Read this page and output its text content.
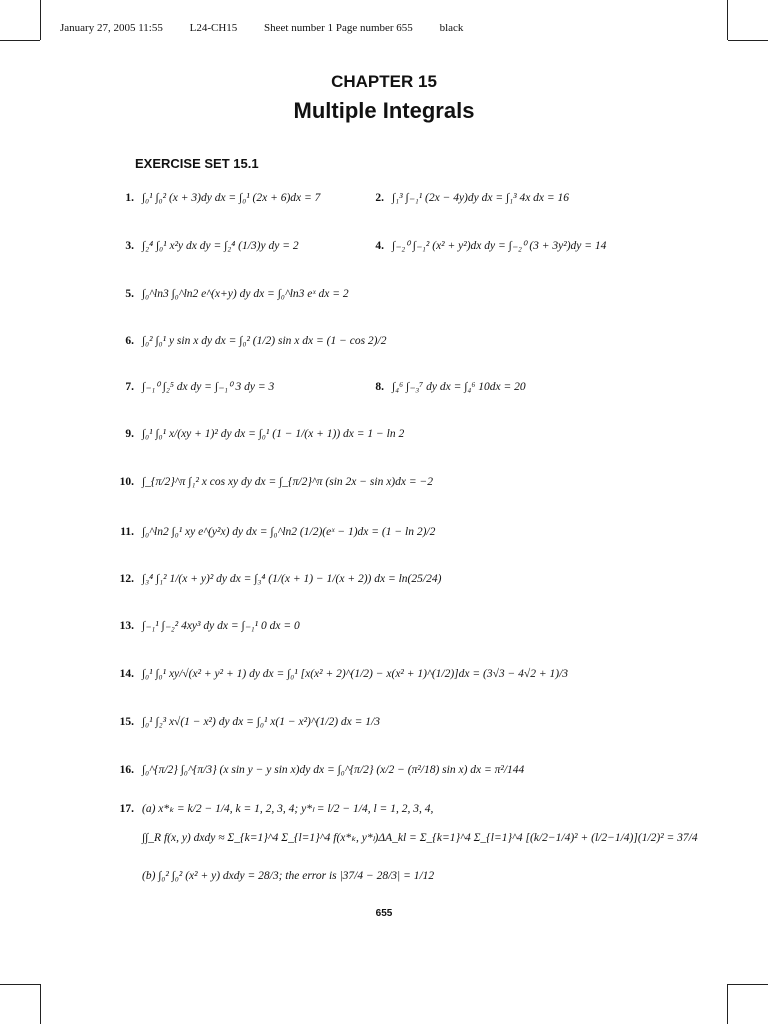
January 27, 2005 11:55 L24-CH15 Sheet number 1 Page number 655 black
CHAPTER 15
Multiple Integrals
EXERCISE SET 15.1
1. ∫₀¹ ∫₀² (x + 3)dy dx = ∫₀¹ (2x + 6)dx = 7	2. ∫₁³ ∫₋₁¹ (2x − 4y)dy dx = ∫₁³ 4x dx = 16
3. ∫₂⁴ ∫₀¹ x²y dx dy = ∫₂⁴ (1/3)y dy = 2	4. ∫₋₂⁰ ∫₋₁² (x² + y²)dx dy = ∫₋₂⁰ (3 + 3y²)dy = 14
5. ∫₀^ln3 ∫₀^ln2 e^(x+y) dy dx = ∫₀^ln3 eˣ dx = 2
6. ∫₀² ∫₀¹ y sin x dy dx = ∫₀² (1/2) sin x dx = (1 − cos 2)/2
7. ∫₋₁⁰ ∫₂⁵ dx dy = ∫₋₁⁰ 3 dy = 3	8. ∫₄⁶ ∫₋₃⁷ dy dx = ∫₄⁶ 10dx = 20
9. ∫₀¹ ∫₀¹ x/(xy + 1)² dy dx = ∫₀¹ (1 − 1/(x + 1)) dx = 1 − ln 2
10. ∫_{π/2}^π ∫₁² x cos xy dy dx = ∫_{π/2}^π (sin 2x − sin x)dx = −2
11. ∫₀^ln2 ∫₀¹ xy e^(y²x) dy dx = ∫₀^ln2 (1/2)(eˣ − 1)dx = (1 − ln 2)/2
12. ∫₃⁴ ∫₁² 1/(x + y)² dy dx = ∫₃⁴ (1/(x + 1) − 1/(x + 2)) dx = ln(25/24)
13. ∫₋₁¹ ∫₋₂² 4xy³ dy dx = ∫₋₁¹ 0 dx = 0
14. ∫₀¹ ∫₀¹ xy/√(x² + y² + 1) dy dx = ∫₀¹ [x(x² + 2)^(1/2) − x(x² + 1)^(1/2)]dx = (3√3 − 4√2 + 1)/3
15. ∫₀¹ ∫₂³ x√(1 − x²) dy dx = ∫₀¹ x(1 − x²)^(1/2) dx = 1/3
16. ∫₀^{π/2} ∫₀^{π/3} (x sin y − y sin x)dy dx = ∫₀^{π/2} (x/2 − (π²/18) sin x) dx = π²/144
17. (a) x*ₖ = k/2 − 1/4, k = 1, 2, 3, 4; y*ₗ = l/2 − 1/4, l = 1, 2, 3, 4,
∫∫_R f(x, y) dxdy ≈ Σ_{k=1}^4 Σ_{l=1}^4 f(x*ₖ, y*ₗ)ΔA_kl = Σ_{k=1}^4 Σ_{l=1}^4 [(k/2−1/4)² + (l/2−1/4)](1/2)² = 37/4
(b) ∫₀² ∫₀² (x² + y) dxdy = 28/3; the error is |37/4 − 28/3| = 1/12
655
